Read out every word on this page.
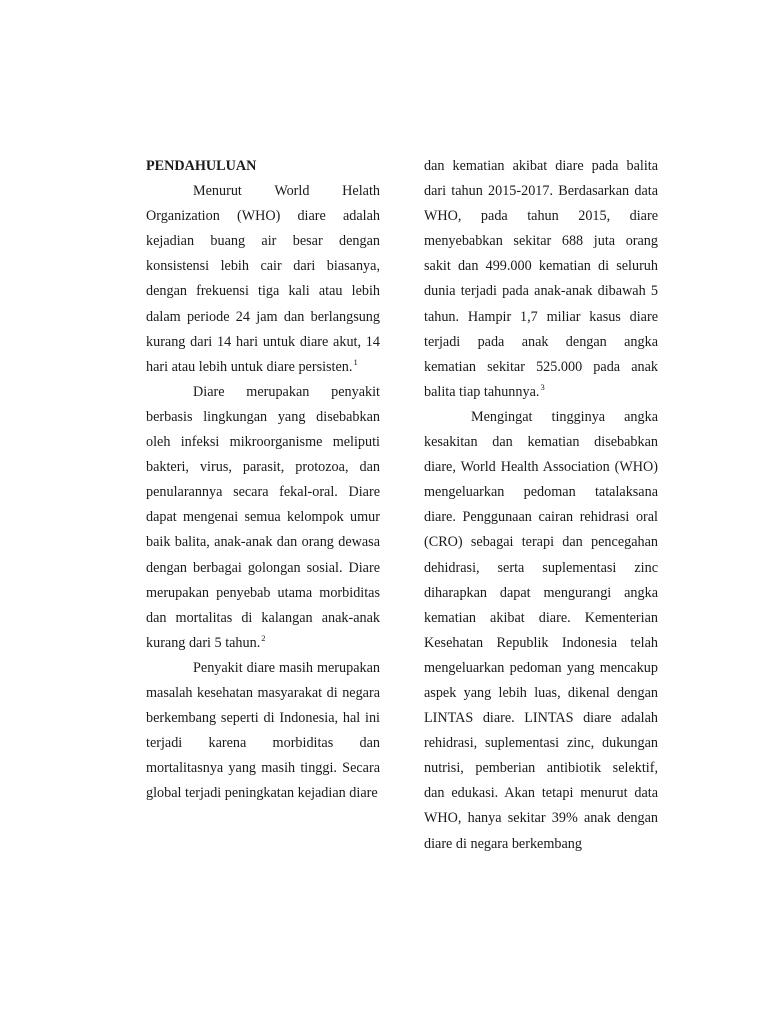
PENDAHULUAN

Menurut World Helath Organization (WHO) diare adalah kejadian buang air besar dengan konsistensi lebih cair dari biasanya, dengan frekuensi tiga kali atau lebih dalam periode 24 jam dan berlangsung kurang dari 14 hari untuk diare akut, 14 hari atau lebih untuk diare persisten.$^1$

Diare merupakan penyakit berbasis lingkungan yang disebabkan oleh infeksi mikroorganisme meliputi bakteri, virus, parasit, protozoa, dan penularannya secara fekal-oral. Diare dapat mengenai semua kelompok umur baik balita, anak-anak dan orang dewasa dengan berbagai golongan sosial. Diare merupakan penyebab utama morbiditas dan mortalitas di kalangan anak-anak kurang dari 5 tahun.$^2$

Penyakit diare masih merupakan masalah kesehatan masyarakat di negara berkembang seperti di Indonesia, hal ini terjadi karena morbiditas dan mortalitasnya yang masih tinggi. Secara global terjadi peningkatan kejadian diare

dan kematian akibat diare pada balita dari tahun 2015-2017. Berdasarkan data WHO, pada tahun 2015, diare menyebabkan sekitar 688 juta orang sakit dan 499.000 kematian di seluruh dunia terjadi pada anak-anak dibawah 5 tahun. Hampir 1,7 miliar kasus diare terjadi pada anak dengan angka kematian sekitar 525.000 pada anak balita tiap tahunnya.$^3$

Mengingat tingginya angka kesakitan dan kematian disebabkan diare, World Health Association (WHO) mengeluarkan pedoman tatalaksana diare. Penggunaan cairan rehidrasi oral (CRO) sebagai terapi dan pencegahan dehidrasi, serta suplementasi zinc diharapkan dapat mengurangi angka kematian akibat diare. Kementerian Kesehatan Republik Indonesia telah mengeluarkan pedoman yang mencakup aspek yang lebih luas, dikenal dengan LINTAS diare. LINTAS diare adalah rehidrasi, suplementasi zinc, dukungan nutrisi, pemberian antibiotik selektif, dan edukasi. Akan tetapi menurut data WHO, hanya sekitar 39% anak dengan diare di negara berkembang
